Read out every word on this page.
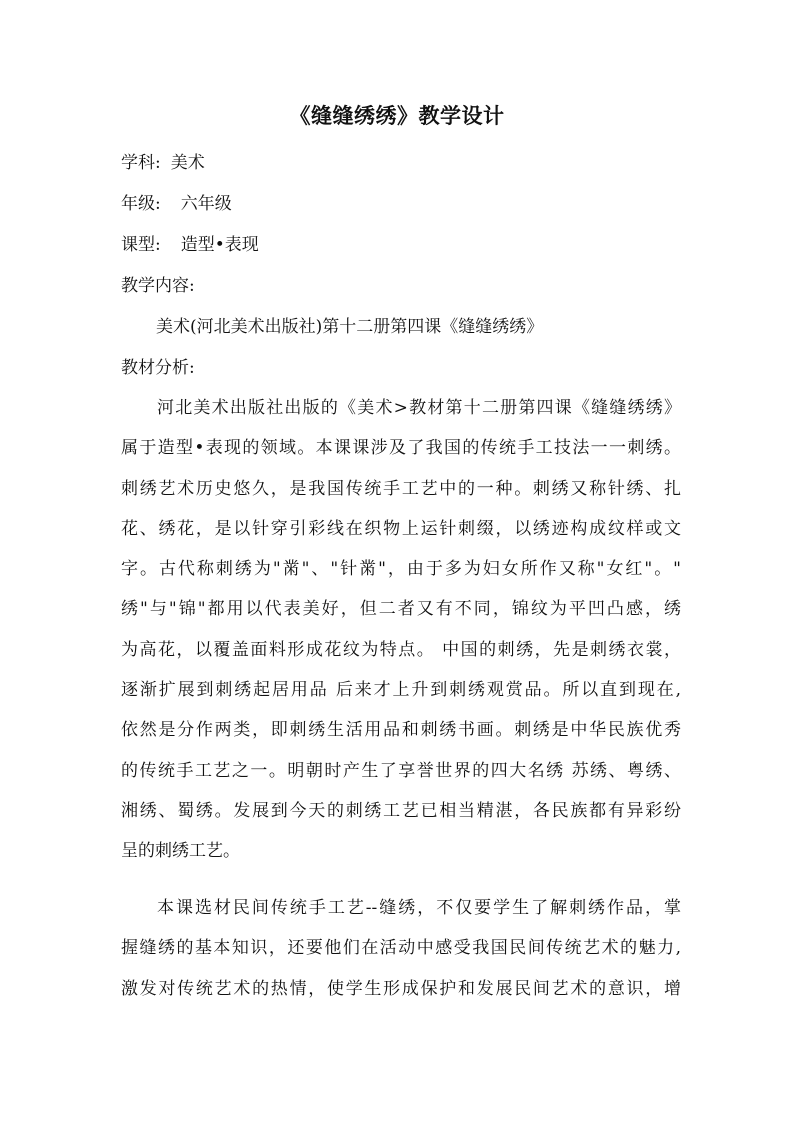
《缝缝绣绣》教学设计
学科: 美术
年级: 六年级
课型: 造型•表现
教学内容:
美术(河北美术出版社)第十二册第四课《缝缝绣绣》
教材分析:
河北美术出版社出版的《美术>教材第十二册第四课《缝缝绣绣》
属于造型•表现的领域。本课课涉及了我国的传统手工技法一一刺绣。
刺绣艺术历史悠久，是我国传统手工艺中的一种。刺绣又称针绣、扎
花、绣花，是以针穿引彩线在织物上运针刺缀，以绣迹构成纹样或文
字。古代称刺绣为"黹"、"针黹"，由于多为妇女所作又称"女红"。"
绣"与"锦"都用以代表美好，但二者又有不同，锦纹为平凹凸感，绣
为高花，以覆盖面料形成花纹为特点。 中国的刺绣，先是刺绣衣裳，
逐渐扩展到刺绣起居用品 后来才上升到刺绣观赏品。所以直到现在,
依然是分作两类，即刺绣生活用品和刺绣书画。刺绣是中华民族优秀
的传统手工艺之一。明朝时产生了享誉世界的四大名绣 苏绣、粤绣、
湘绣、蜀绣。发展到今天的刺绣工艺已相当精湛，各民族都有异彩纷
呈的刺绣工艺。
本课选材民间传统手工艺--缝绣，不仅要学生了解刺绣作品，掌
握缝绣的基本知识，还要他们在活动中感受我国民间传统艺术的魅力,
激发对传统艺术的热情，使学生形成保护和发展民间艺术的意识，增
